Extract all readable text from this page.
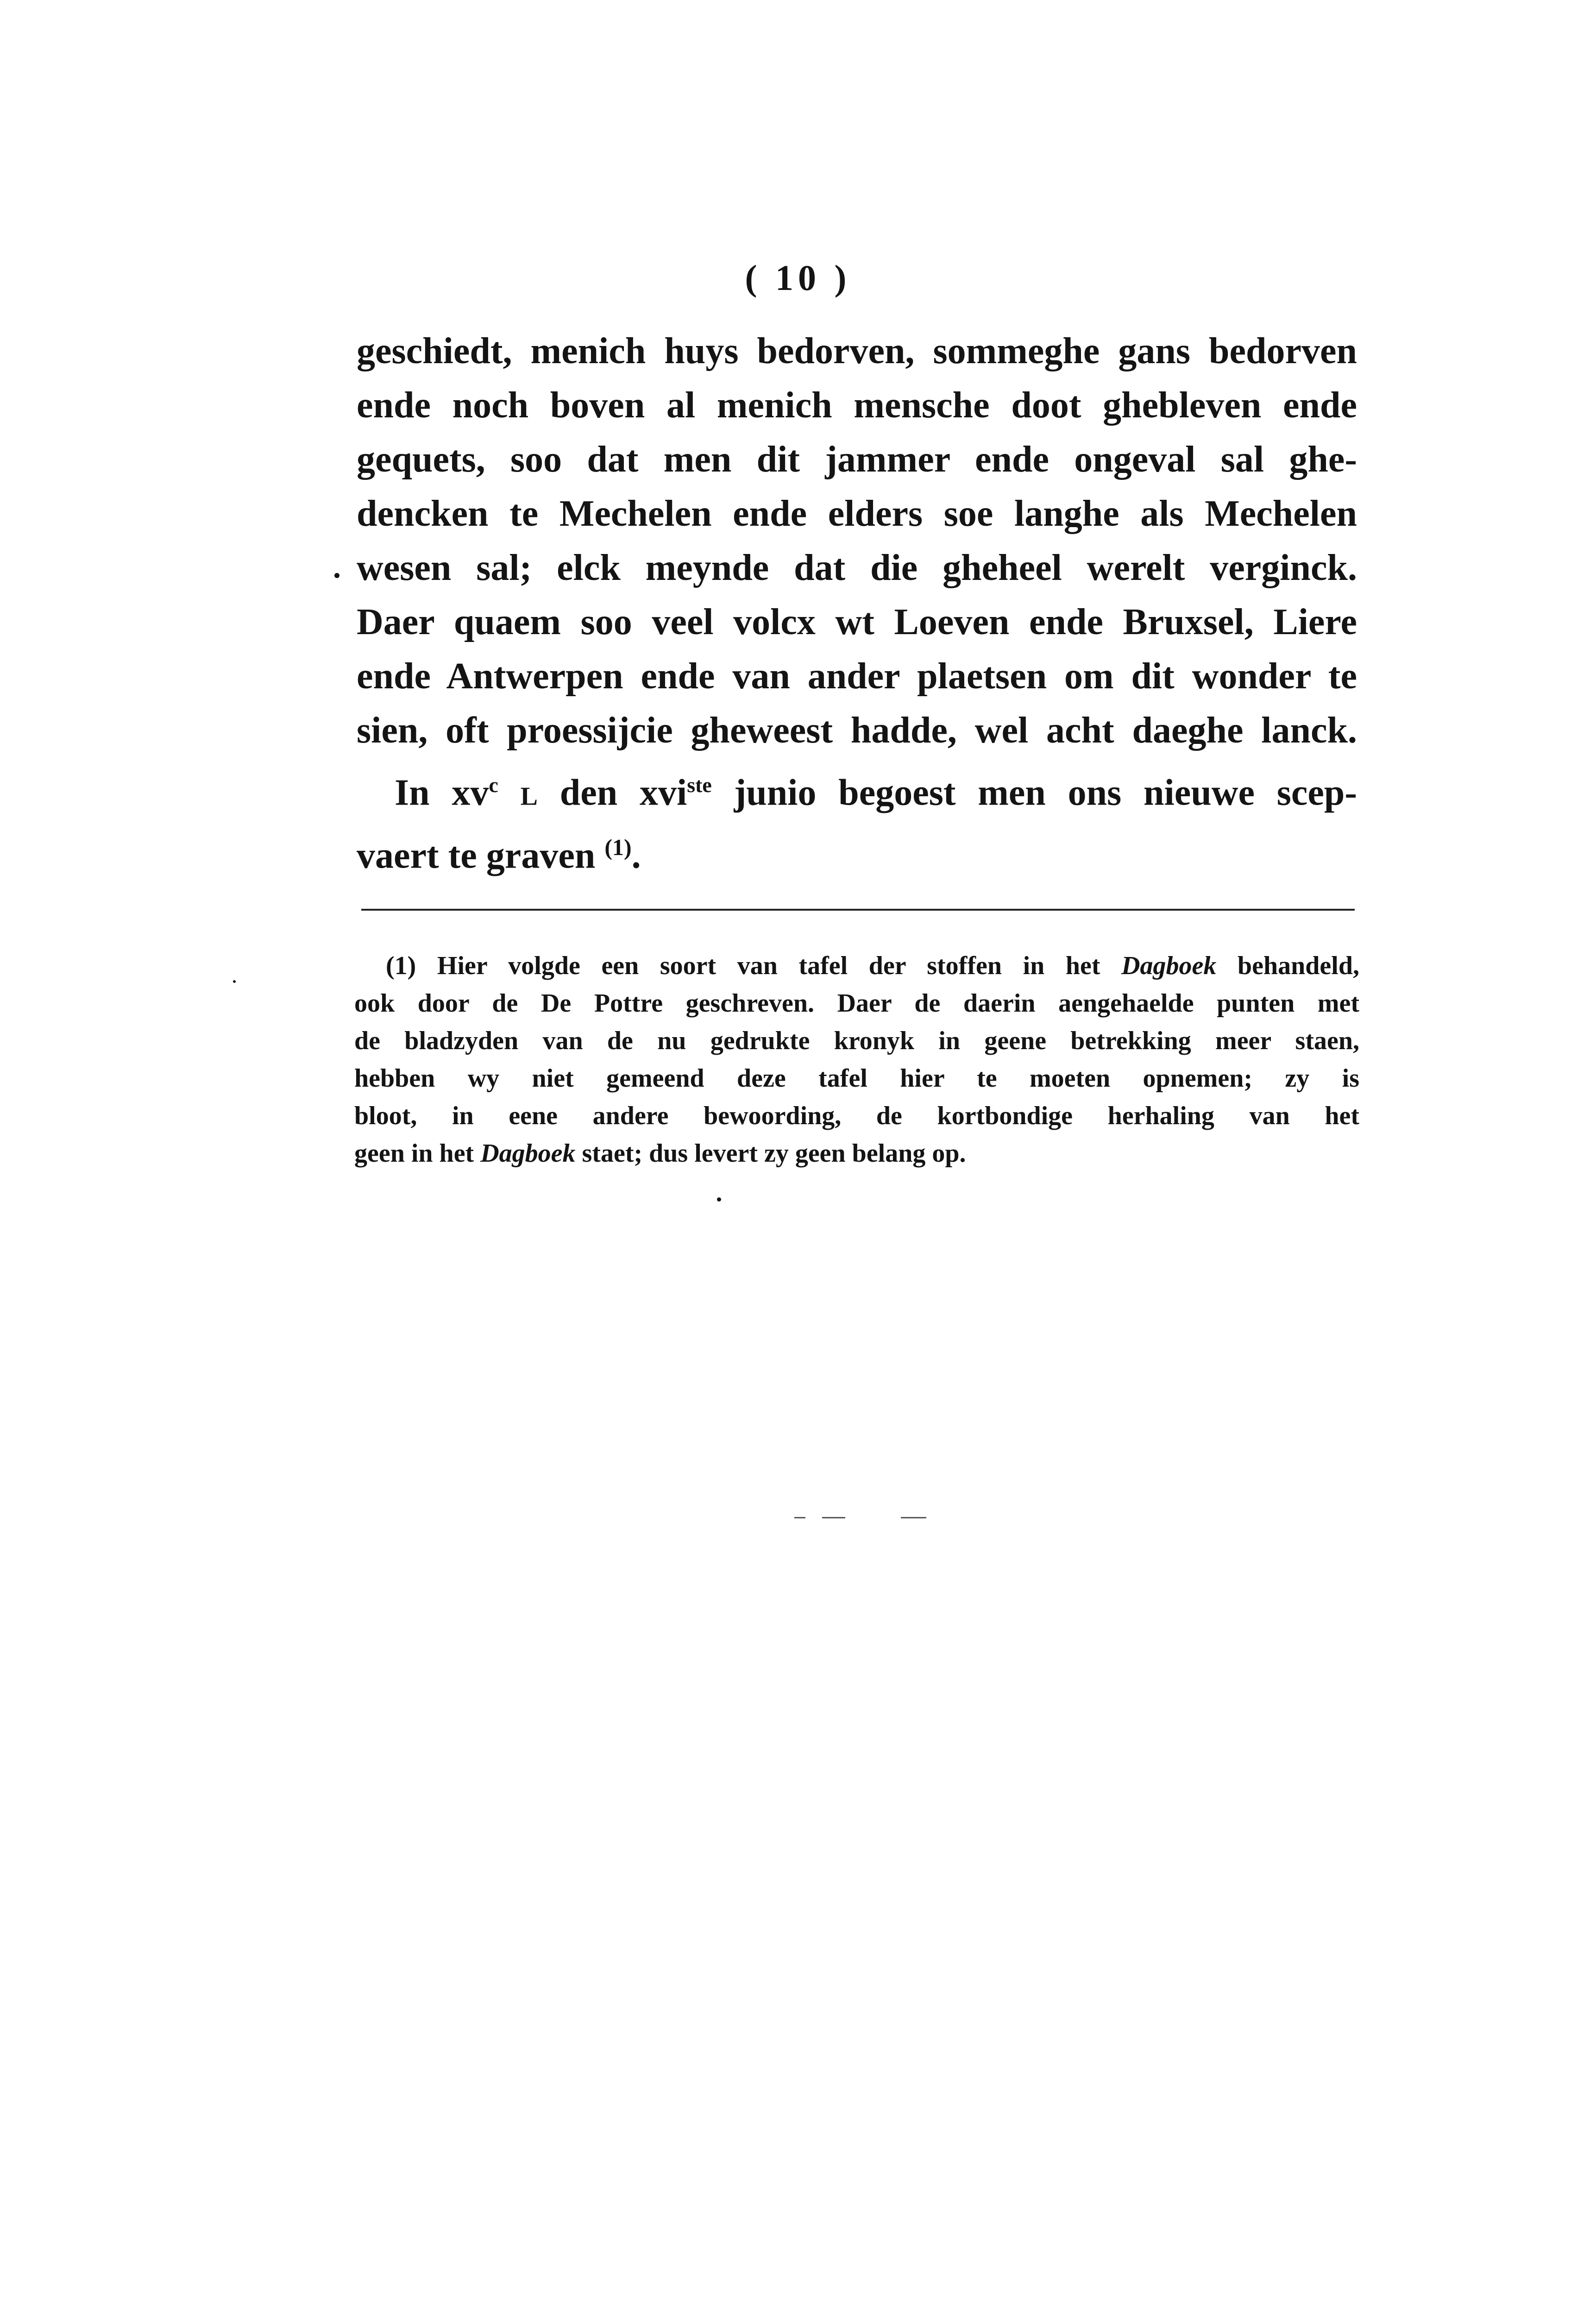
( 10 )
geschiedt, menich huys bedorven, sommeghe gans bedorven
ende noch boven al menich mensche doot ghebleven ende
gequets, soo dat men dit jammer ende ongeval sal ghe-
dencken te Mechelen ende elders soe langhe als Mechelen
wesen sal; elck meynde dat die gheheel werelt verginck.
Daer quaem soo veel volcx wt Loeven ende Bruxsel, Liere
ende Antwerpen ende van ander plaetsen om dit wonder te
sien, oft proessijcie gheweest hadde, wel acht daeghe lanck.
In $xv^c$ l den xvi$^{ste}$ junio begoest men ons nieuwe scep-
vaert te graven $^{(1)}$.
(1) Hier volgde een soort van tafel der stoffen in het Dagboek behandeld,
ook door de De Pottre geschreven. Daer de daerin aengehaelde punten met
de bladzyden van de nu gedrukte kronyk in geene betrekking meer staen,
hebben wy niet gemeend deze tafel hier te moeten opnemen; zy is
bloot, in eene andere bewoording, de kortbondige herhaling van het
geen in het Dagboek staet; dus levert zy geen belang op.
